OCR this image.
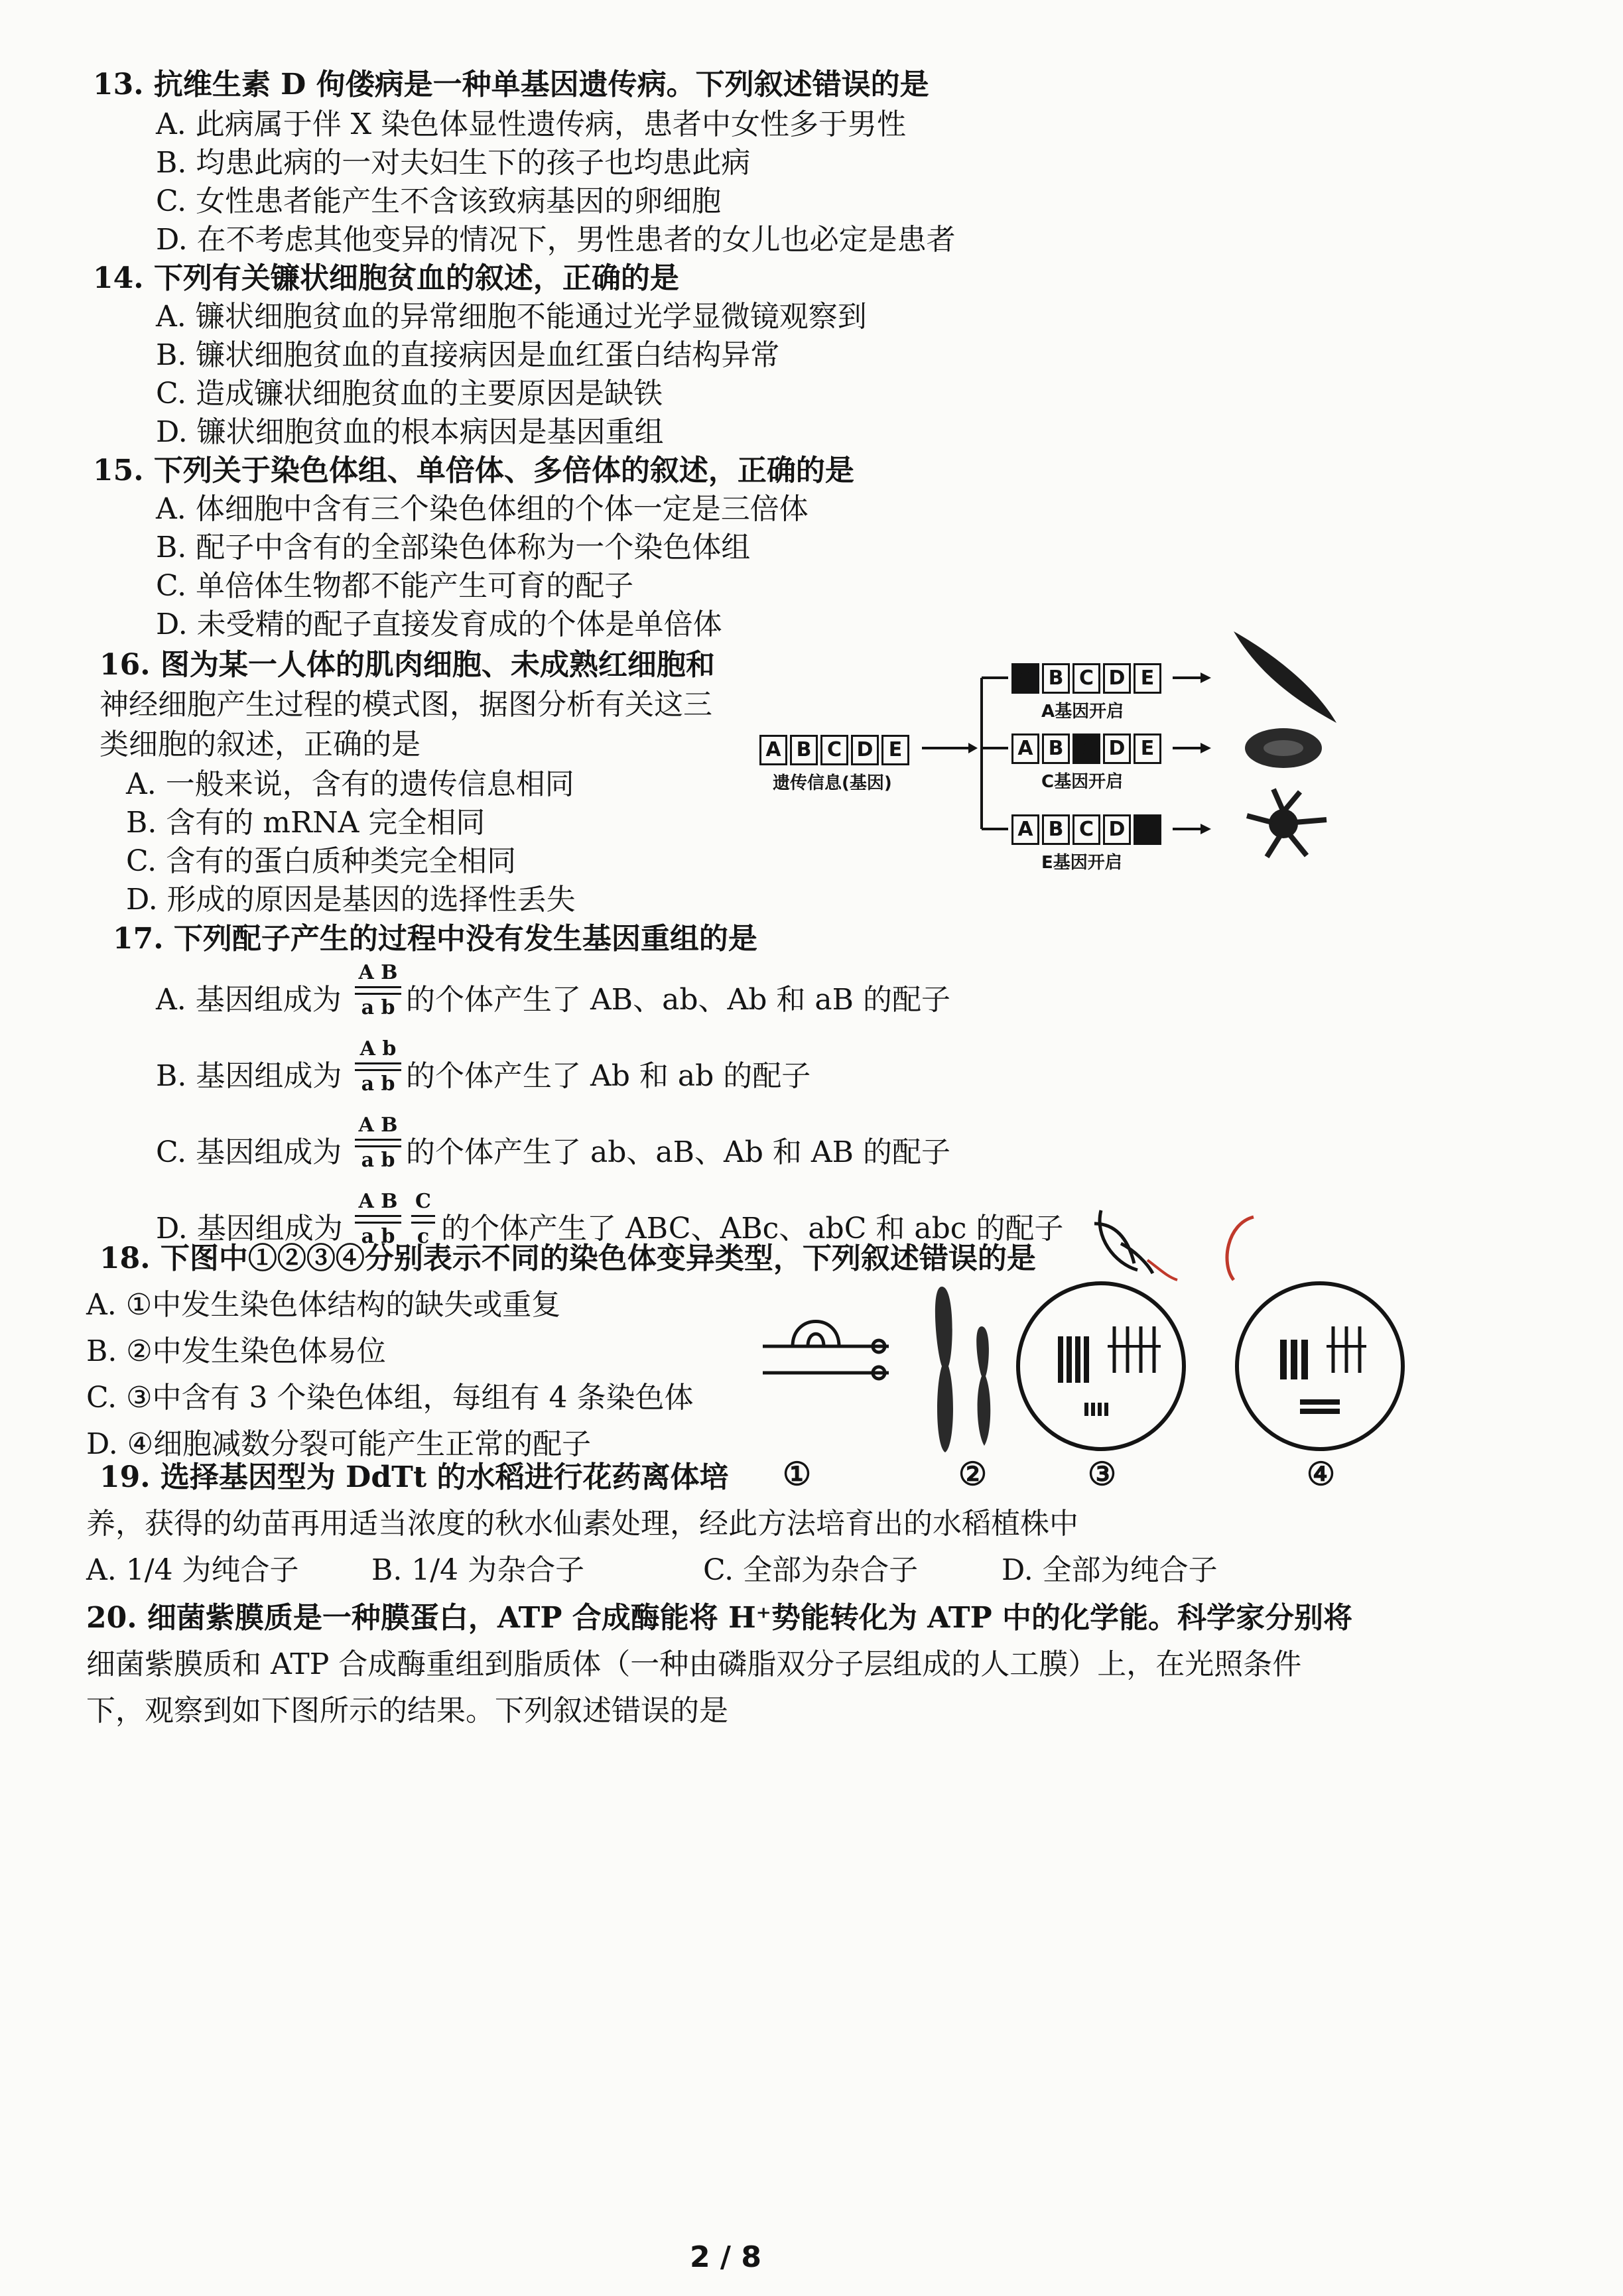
13. 抗维生素 D 佝偻病是一种单基因遗传病。下列叙述错误的是
A. 此病属于伴 X 染色体显性遗传病，患者中女性多于男性
B. 均患此病的一对夫妇生下的孩子也均患此病
C. 女性患者能产生不含该致病基因的卵细胞
D. 在不考虑其他变异的情况下，男性患者的女儿也必定是患者
14. 下列有关镰状细胞贫血的叙述，正确的是
A. 镰状细胞贫血的异常细胞不能通过光学显微镜观察到
B. 镰状细胞贫血的直接病因是血红蛋白结构异常
C. 造成镰状细胞贫血的主要原因是缺铁
D. 镰状细胞贫血的根本病因是基因重组
15. 下列关于染色体组、单倍体、多倍体的叙述，正确的是
A. 体细胞中含有三个染色体组的个体一定是三倍体
B. 配子中含有的全部染色体称为一个染色体组
C. 单倍体生物都不能产生可育的配子
D. 未受精的配子直接发育成的个体是单倍体
16. 图为某一人体的肌肉细胞、未成熟红细胞和
神经细胞产生过程的模式图，据图分析有关这三
类细胞的叙述，正确的是
A. 一般来说，含有的遗传信息相同
B. 含有的 mRNA 完全相同
C. 含有的蛋白质种类完全相同
D. 形成的原因是基因的选择性丢失
A B C D E
遗传信息(基因)
A B C D E
A基因开启
A B C D E
C基因开启
A B C D E
E基因开启
17. 下列配子产生的过程中没有发生基因重组的是
A. 基因组成为
A B
a b 的个体产生了 AB、ab、Ab 和 aB 的配子
B. 基因组成为
A b
a b 的个体产生了 Ab 和 ab 的配子
C. 基因组成为
A B
a b 的个体产生了 ab、aB、Ab 和 AB 的配子
D. 基因组成为
A B
a b
C
c 的个体产生了 ABC、ABc、abC 和 abc 的配子
18. 下图中①②③④分别表示不同的染色体变异类型，下列叙述错误的是
A. ①中发生染色体结构的缺失或重复
B. ②中发生染色体易位
C. ③中含有 3 个染色体组，每组有 4 条染色体
D. ④细胞减数分裂可能产生正常的配子
①	②	③	④
19. 选择基因型为 DdTt 的水稻进行花药离体培
养，获得的幼苗再用适当浓度的秋水仙素处理，经此方法培育出的水稻植株中
A. 1/4 为纯合子 B. 1/4 为杂合子	C. 全部为杂合子	D. 全部为纯合子
20. 细菌紫膜质是一种膜蛋白，ATP 合成酶能将 H⁺势能转化为 ATP 中的化学能。科学家分别将
细菌紫膜质和 ATP 合成酶重组到脂质体（一种由磷脂双分子层组成的人工膜）上，在光照条件
下，观察到如下图所示的结果。下列叙述错误的是
2 / 8
